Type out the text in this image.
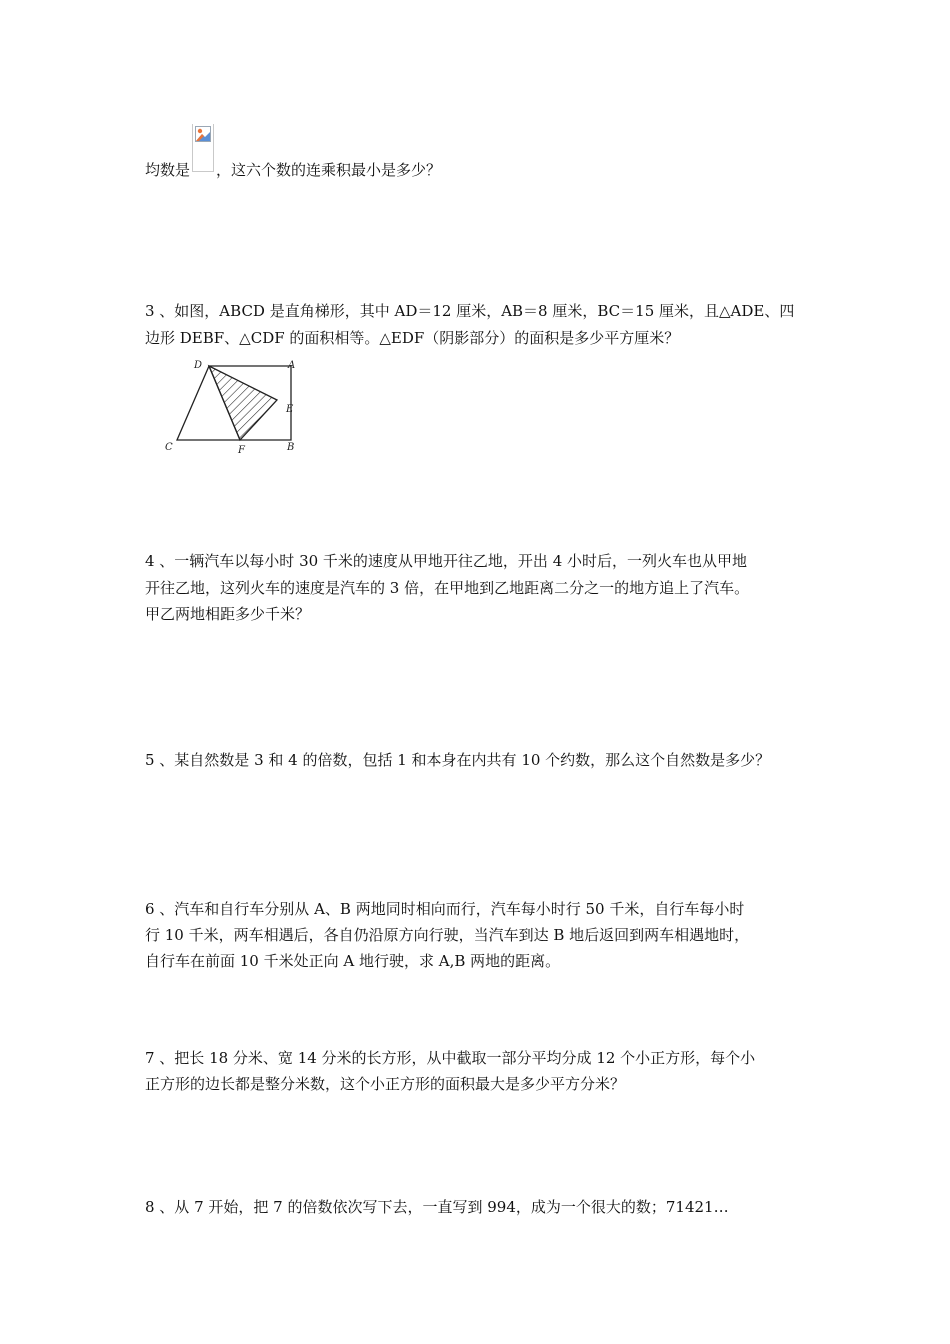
均数是 ，这六个数的连乘积最小是多少？
3 、如图，ABCD 是直角梯形，其中 AD＝12 厘米，AB＝8 厘米，BC＝15 厘米，且△ADE、四
边形 DEBF、△CDF 的面积相等。△EDF（阴影部分）的面积是多少平方厘米？
D	A
E
C	F	B
4 、一辆汽车以每小时 30 千米的速度从甲地开往乙地，开出 4 小时后，一列火车也从甲地
开往乙地，这列火车的速度是汽车的 3 倍，在甲地到乙地距离二分之一的地方追上了汽车。
甲乙两地相距多少千米？
5 、某自然数是 3 和 4 的倍数，包括 1 和本身在内共有 10 个约数，那么这个自然数是多少？
6 、汽车和自行车分别从 A、B 两地同时相向而行，汽车每小时行 50 千米，自行车每小时
行 10 千米，两车相遇后，各自仍沿原方向行驶，当汽车到达 B 地后返回到两车相遇地时，
自行车在前面 10 千米处正向 A 地行驶，求 A,B 两地的距离。
7 、把长 18 分米、宽 14 分米的长方形，从中截取一部分平均分成 12 个小正方形，每个小
正方形的边长都是整分米数，这个小正方形的面积最大是多少平方分米？
8 、从 7 开始，把 7 的倍数依次写下去，一直写到 994，成为一个很大的数；71421…
